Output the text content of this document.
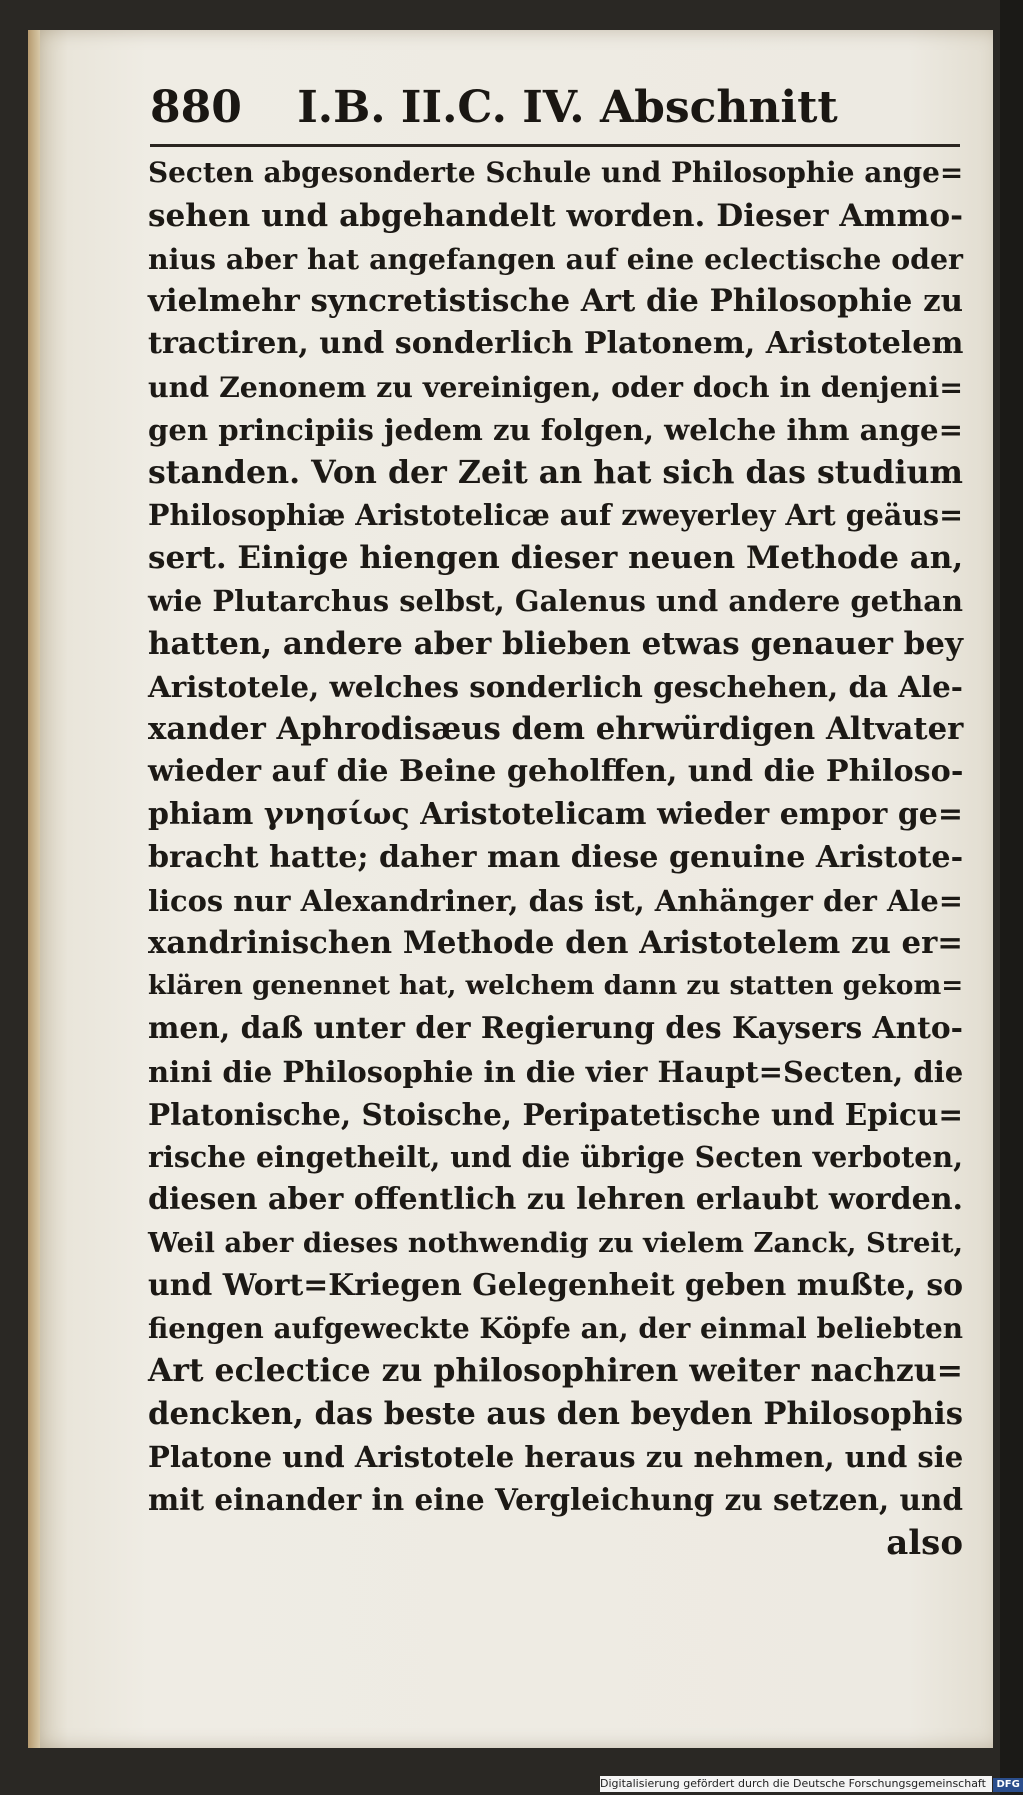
880 I.B. II.C. IV. Abschnitt
Secten abgesonderte Schule und Philosophie ange=
sehen und abgehandelt worden. Dieser Ammo-
nius aber hat angefangen auf eine eclectische oder
vielmehr syncretistische Art die Philosophie zu
tractiren, und sonderlich Platonem, Aristotelem
und Zenonem zu vereinigen, oder doch in denjeni=
gen principiis jedem zu folgen, welche ihm ange=
standen. Von der Zeit an hat sich das studium
Philosophiæ Aristotelicæ auf zweyerley Art geäus=
sert. Einige hiengen dieser neuen Methode an,
wie Plutarchus selbst, Galenus und andere gethan
hatten, andere aber blieben etwas genauer bey
Aristotele, welches sonderlich geschehen, da Ale-
xander Aphrodisæus dem ehrwürdigen Altvater
wieder auf die Beine geholffen, und die Philoso-
phiam γνησίως Aristotelicam wieder empor ge=
bracht hatte; daher man diese genuine Aristote-
licos nur Alexandriner, das ist, Anhänger der Ale=
xandrinischen Methode den Aristotelem zu er=
klären genennet hat, welchem dann zu statten gekom=
men, daß unter der Regierung des Kaysers Anto-
nini die Philosophie in die vier Haupt=Secten, die
Platonische, Stoische, Peripatetische und Epicu=
rische eingetheilt, und die übrige Secten verboten,
diesen aber offentlich zu lehren erlaubt worden.
Weil aber dieses nothwendig zu vielem Zanck, Streit,
und Wort=Kriegen Gelegenheit geben mußte, so
fiengen aufgeweckte Köpfe an, der einmal beliebten
Art eclectice zu philosophiren weiter nachzu=
dencken, das beste aus den beyden Philosophis
Platone und Aristotele heraus zu nehmen, und sie
mit einander in eine Vergleichung zu setzen, und
also
Digitalisierung gefördert durch die Deutsche Forschungsgemeinschaft DFG
